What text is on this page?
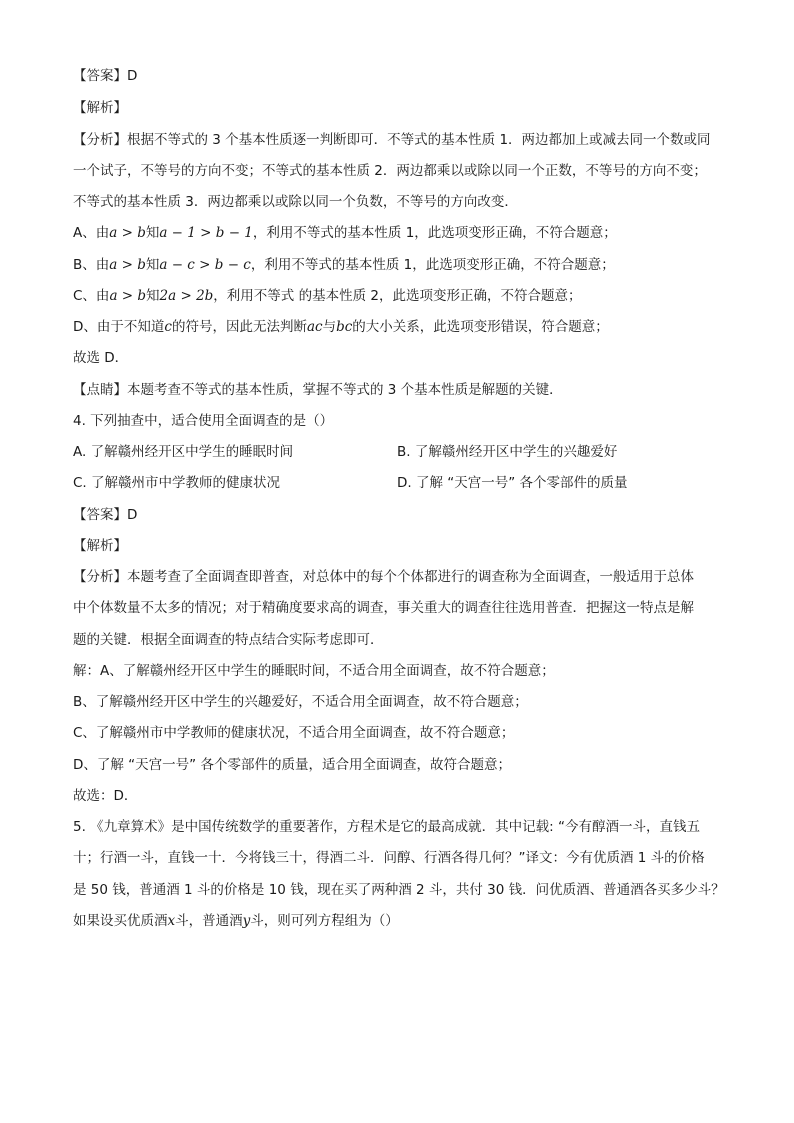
【答案】D
【解析】
【分析】根据不等式的 3 个基本性质逐一判断即可．不等式的基本性质 1．两边都加上或减去同一个数或同
一个试子，不等号的方向不变；不等式的基本性质 2．两边都乘以或除以同一个正数，不等号的方向不变；
不等式的基本性质 3．两边都乘以或除以同一个负数，不等号的方向改变．
A、由a > b知a − 1 > b − 1，利用不等式的基本性质 1，此选项变形正确，不符合题意；
B、由a > b知a − c > b − c，利用不等式的基本性质 1，此选项变形正确，不符合题意；
C、由a > b知2a > 2b，利用不等式 的基本性质 2，此选项变形正确，不符合题意；
D、由于不知道c的符号，因此无法判断ac与bc的大小关系，此选项变形错误，符合题意；
故选 D．
【点睛】本题考查不等式的基本性质，掌握不等式的 3 个基本性质是解题的关键．
4. 下列抽查中，适合使用全面调查的是（）
A. 了解赣州经开区中学生的睡眠时间	B. 了解赣州经开区中学生的兴趣爱好
C. 了解赣州市中学教师的健康状况	D. 了解 “天宫一号” 各个零部件的质量
【答案】D
【解析】
【分析】本题考查了全面调查即普查，对总体中的每个个体都进行的调查称为全面调查，一般适用于总体
中个体数量不太多的情况；对于精确度要求高的调查，事关重大的调查往往选用普查．把握这一特点是解
题的关键．根据全面调查的特点结合实际考虑即可．
解：A、了解赣州经开区中学生的睡眠时间，不适合用全面调查，故不符合题意；
B、了解赣州经开区中学生的兴趣爱好，不适合用全面调查，故不符合题意；
C、了解赣州市中学教师的健康状况，不适合用全面调查，故不符合题意；
D、了解 “天宫一号” 各个零部件的质量，适合用全面调查，故符合题意；
故选：D．
5. 《九章算术》是中国传统数学的重要著作，方程术是它的最高成就．其中记载: “今有醇酒一斗，直钱五
十；行酒一斗，直钱一十．今将钱三十，得酒二斗．问醇、行酒各得几何？”译文：今有优质酒 1 斗的价格
是 50 钱，普通酒 1 斗的价格是 10 钱，现在买了两种酒 2 斗，共付 30 钱．问优质酒、普通酒各买多少斗？
如果设买优质酒x斗，普通酒y斗，则可列方程组为（）
